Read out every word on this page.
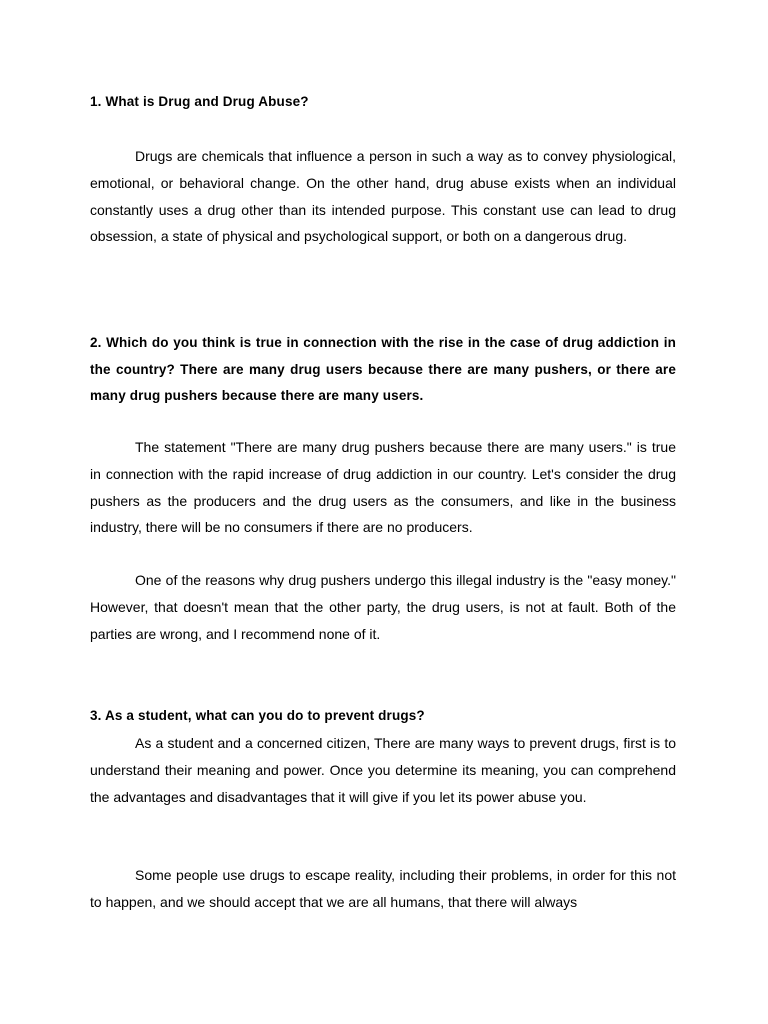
1. What is Drug and Drug Abuse?

Drugs are chemicals that influence a person in such a way as to convey physiological, emotional, or behavioral change. On the other hand, drug abuse exists when an individual constantly uses a drug other than its intended purpose. This constant use can lead to drug obsession, a state of physical and psychological support, or both on a dangerous drug.

2. Which do you think is true in connection with the rise in the case of drug addiction in the country? There are many drug users because there are many pushers, or there are many drug pushers because there are many users.

The statement "There are many drug pushers because there are many users." is true in connection with the rapid increase of drug addiction in our country. Let's consider the drug pushers as the producers and the drug users as the consumers, and like in the business industry, there will be no consumers if there are no producers.

One of the reasons why drug pushers undergo this illegal industry is the "easy money." However, that doesn't mean that the other party, the drug users, is not at fault. Both of the parties are wrong, and I recommend none of it.

3. As a student, what can you do to prevent drugs?

As a student and a concerned citizen, There are many ways to prevent drugs, first is to understand their meaning and power. Once you determine its meaning, you can comprehend the advantages and disadvantages that it will give if you let its power abuse you.

Some people use drugs to escape reality, including their problems, in order for this not to happen, and we should accept that we are all humans, that there will always
